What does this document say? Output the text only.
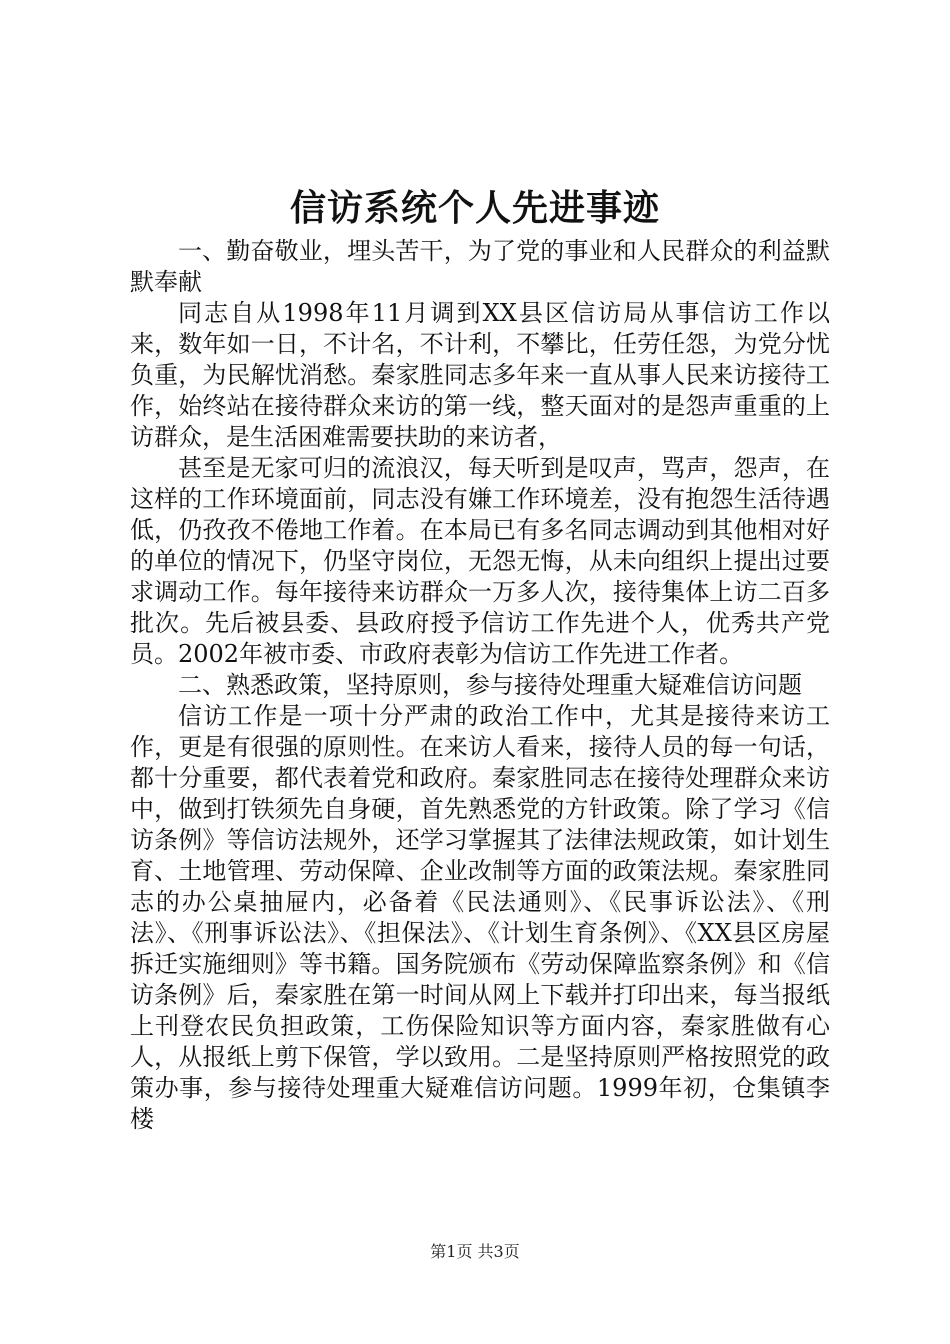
信访系统个人先进事迹

一、勤奋敬业，埋头苦干，为了党的事业和人民群众的利益默默奉献

同志自从1998年11月调到XX县区信访局从事信访工作以来，数年如一日，不计名，不计利，不攀比，任劳任怨，为党分忧负重，为民解忧消愁。秦家胜同志多年来一直从事人民来访接待工作，始终站在接待群众来访的第一线，整天面对的是怨声重重的上访群众，是生活困难需要扶助的来访者，

甚至是无家可归的流浪汉，每天听到是叹声，骂声，怨声，在这样的工作环境面前，同志没有嫌工作环境差，没有抱怨生活待遇低，仍孜孜不倦地工作着。在本局已有多名同志调动到其他相对好的单位的情况下，仍坚守岗位，无怨无悔，从未向组织上提出过要求调动工作。每年接待来访群众一万多人次，接待集体上访二百多批次。先后被县委、县政府授予信访工作先进个人，优秀共产党员。2002年被市委、市政府表彰为信访工作先进工作者。

二、熟悉政策，坚持原则，参与接待处理重大疑难信访问题

信访工作是一项十分严肃的政治工作中，尤其是接待来访工作，更是有很强的原则性。在来访人看来，接待人员的每一句话，都十分重要，都代表着党和政府。秦家胜同志在接待处理群众来访中，做到打铁须先自身硬，首先熟悉党的方针政策。除了学习《信访条例》等信访法规外，还学习掌握其了法律法规政策，如计划生育、土地管理、劳动保障、企业改制等方面的政策法规。秦家胜同志的办公桌抽屉内，必备着《民法通则》、《民事诉讼法》、《刑法》、《刑事诉讼法》、《担保法》、《计划生育条例》、《XX县区房屋拆迁实施细则》等书籍。国务院颁布《劳动保障监察条例》和《信访条例》后，秦家胜在第一时间从网上下载并打印出来，每当报纸上刊登农民负担政策，工伤保险知识等方面内容，秦家胜做有心人，从报纸上剪下保管，学以致用。二是坚持原则严格按照党的政策办事，参与接待处理重大疑难信访问题。1999年初，仓集镇李楼

第1页 共3页
